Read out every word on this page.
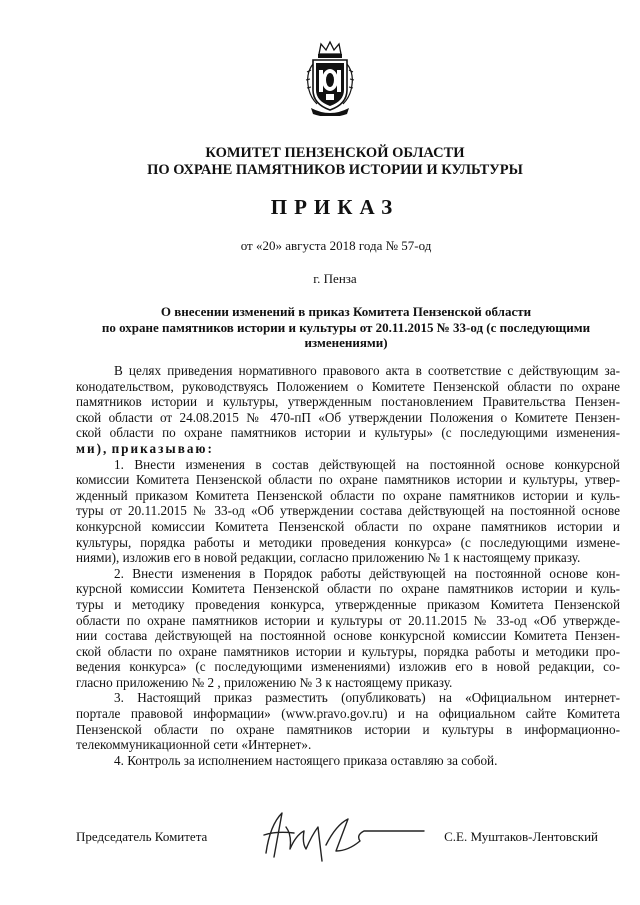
КОМИТЕТ ПЕНЗЕНСКОЙ ОБЛАСТИ
ПО ОХРАНЕ ПАМЯТНИКОВ ИСТОРИИ И КУЛЬТУРЫ
ПРИКАЗ
от «20» августа 2018 года № 57-од
г. Пенза
О внесении изменений в приказ Комитета Пензенской области
по охране памятников истории и культуры от 20.11.2015 № 33-од (с последующими
изменениями)
В целях приведения нормативного правового акта в соответствие с действующим за-
конодательством, руководствуясь Положением о Комитете Пензенской области по охране
памятников истории и культуры, утвержденным постановлением Правительства Пензен-
ской области от 24.08.2015 № 470-пП «Об утверждении Положения о Комитете Пензен-
ской области по охране памятников истории и культуры» (с последующими изменения-
ми), приказываю:
1. Внести изменения в состав действующей на постоянной основе конкурсной
комиссии Комитета Пензенской области по охране памятников истории и культуры, утвер-
жденный приказом Комитета Пензенской области по охране памятников истории и куль-
туры от 20.11.2015 № 33-од «Об утверждении состава действующей на постоянной основе
конкурсной комиссии Комитета Пензенской области по охране памятников истории и
культуры, порядка работы и методики проведения конкурса» (с последующими измене-
ниями), изложив его в новой редакции, согласно приложению № 1 к настоящему приказу.
2. Внести изменения в Порядок работы действующей на постоянной основе кон-
курсной комиссии Комитета Пензенской области по охране памятников истории и куль-
туры и методику проведения конкурса, утвержденные приказом Комитета Пензенской
области по охране памятников истории и культуры от 20.11.2015 № 33-од «Об утвержде-
нии состава действующей на постоянной основе конкурсной комиссии Комитета Пензен-
ской области по охране памятников истории и культуры, порядка работы и методики про-
ведения конкурса» (с последующими изменениями) изложив его в новой редакции, со-
гласно приложению № 2 , приложению № 3 к настоящему приказу.
3. Настоящий приказ разместить (опубликовать) на «Официальном интернет-
портале правовой информации» (www.pravo.gov.ru) и на официальном сайте Комитета
Пензенской области по охране памятников истории и культуры в информационно-
телекоммуникационной сети «Интернет».
4. Контроль за исполнением настоящего приказа оставляю за собой.
Председатель Комитета	С.Е. Муштаков-Лентовский
